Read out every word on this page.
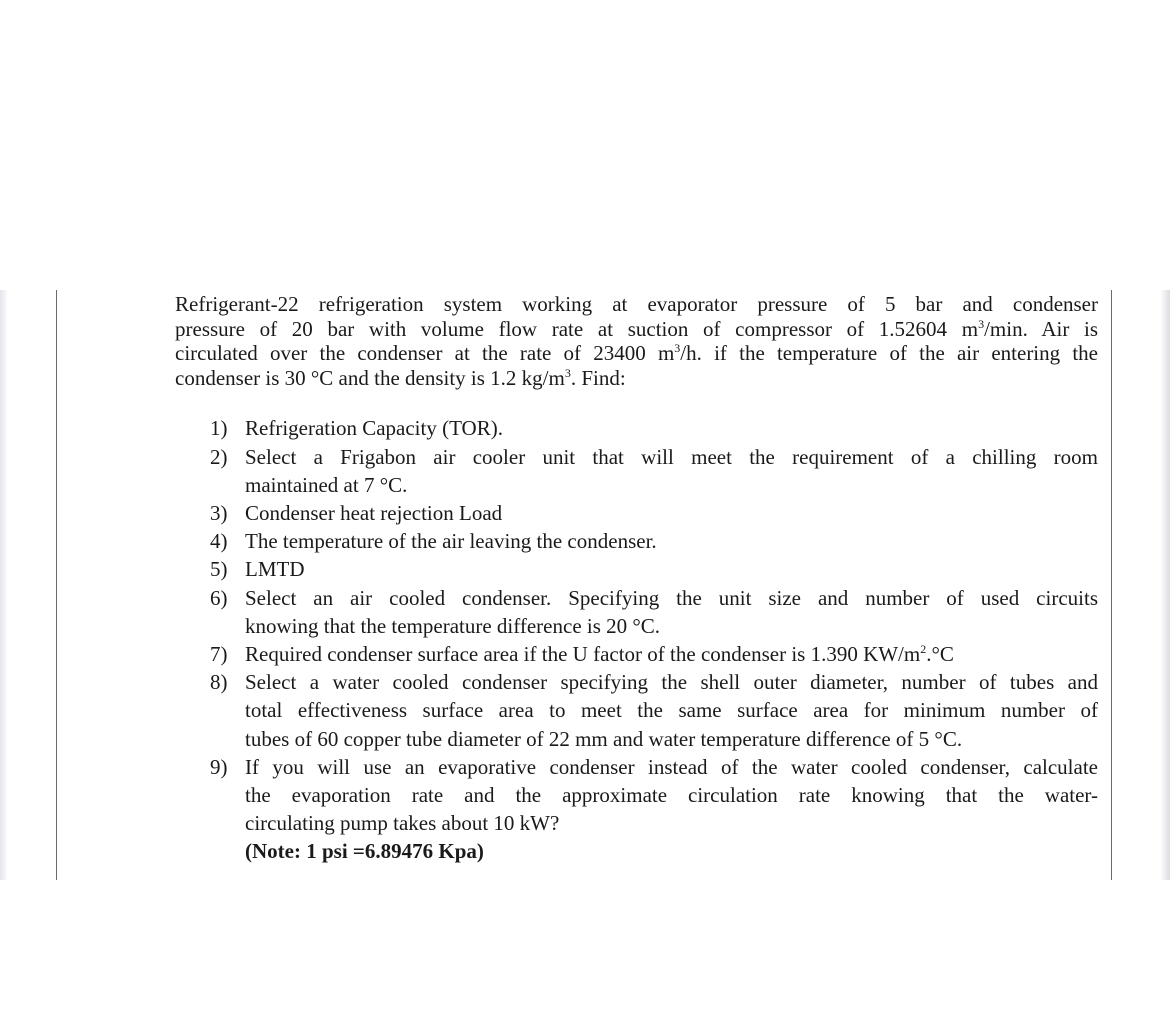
Refrigerant-22 refrigeration system working at evaporator pressure of 5 bar and condenser
pressure of 20 bar with volume flow rate at suction of compressor of 1.52604 $m^3/\min$. Air is
circulated over the condenser at the rate of 23400 $m^3/h$. if the temperature of the air entering the
condenser is 30 °C and the density is 1.2 $kg/m^3$. Find:

1) Refrigeration Capacity (TOR).
2) Select a Frigabon air cooler unit that will meet the requirement of a chilling room
maintained at 7 °C.
3) Condenser heat rejection Load
4) The temperature of the air leaving the condenser.
5) LMTD
6) Select an air cooled condenser. Specifying the unit size and number of used circuits
knowing that the temperature difference is 20 °C.
7) Required condenser surface area if the U factor of the condenser is 1.390 $KW/m^2.^\circ C$
8) Select a water cooled condenser specifying the shell outer diameter, number of tubes and
total effectiveness surface area to meet the same surface area for minimum number of
tubes of 60 copper tube diameter of 22 mm and water temperature difference of 5 °C.
9) If you will use an evaporative condenser instead of the water cooled condenser, calculate
the evaporation rate and the approximate circulation rate knowing that the water-
circulating pump takes about 10 kW?

(Note: 1 psi =6.89476 Kpa)
